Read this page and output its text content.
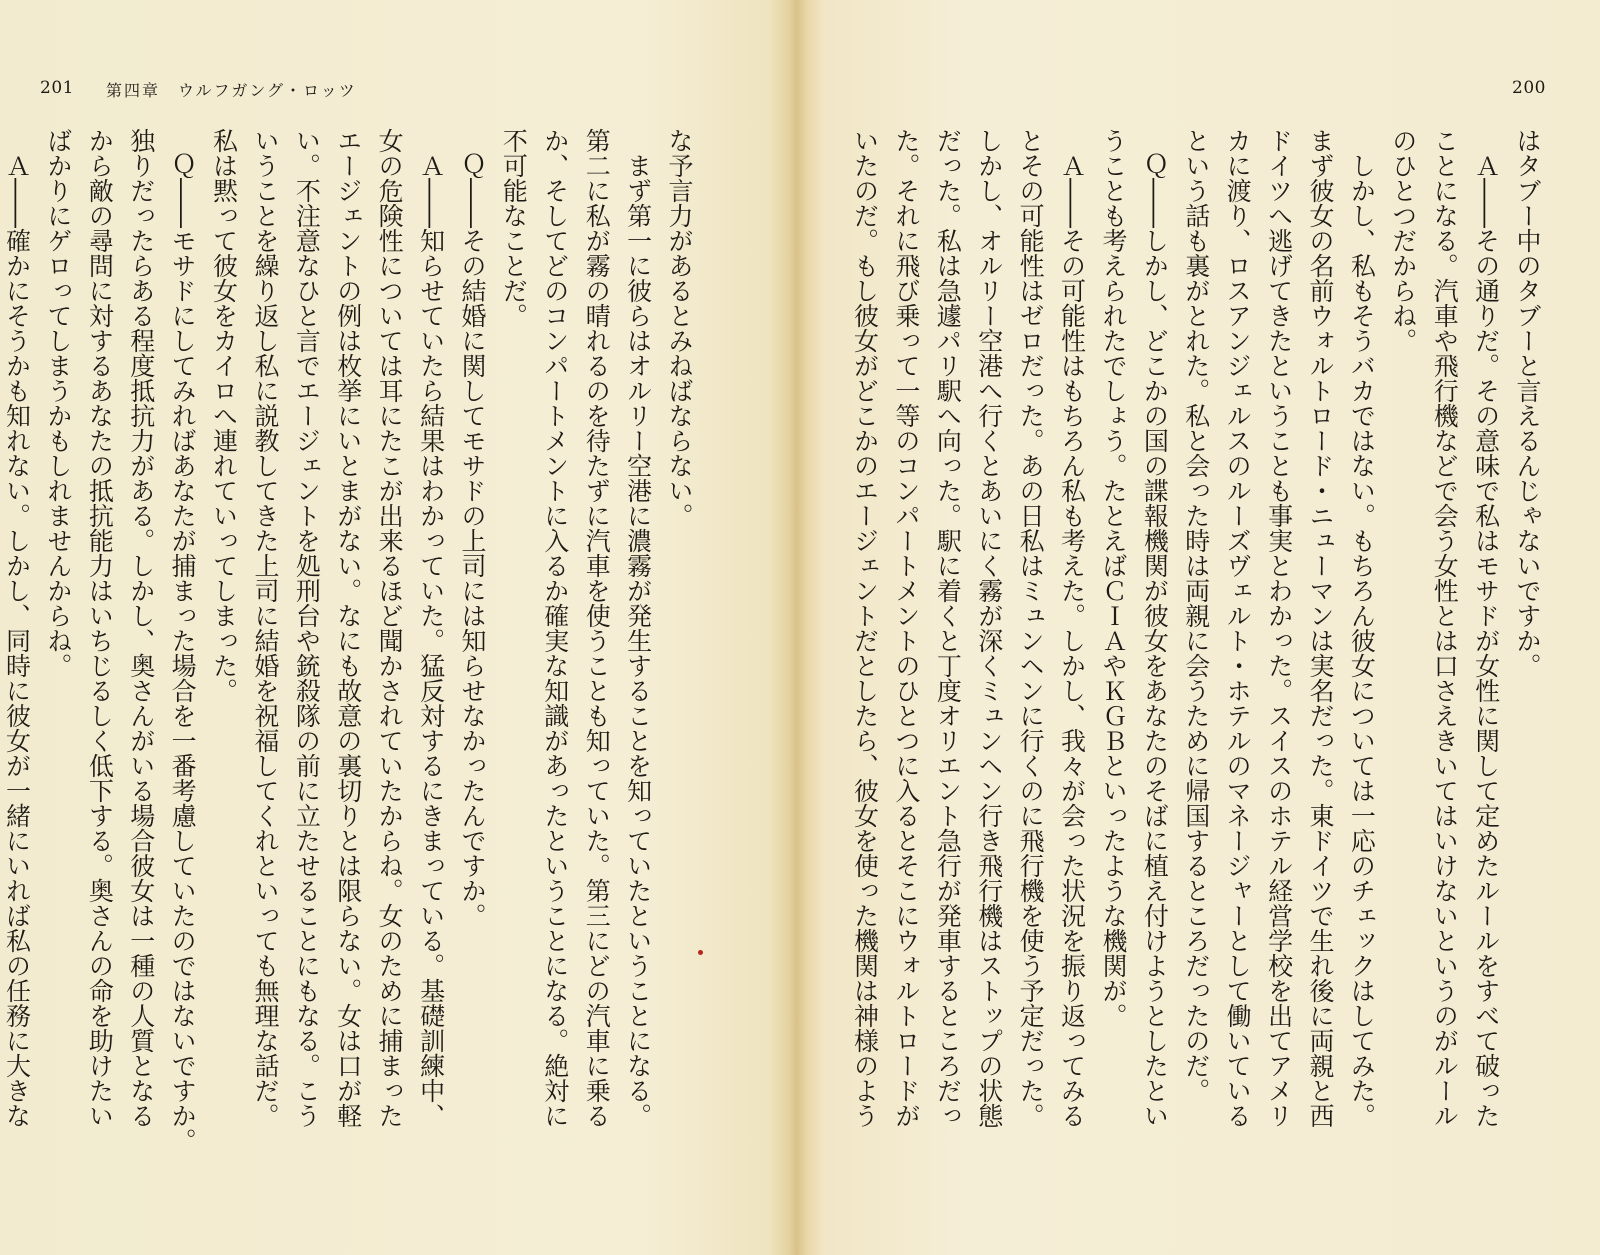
201 第四章　ウルフガング・ロッツ
な予言力があるとみねばならない。
　まず第一に彼らはオルリー空港に濃霧が発生することを知っていたということになる。
第二に私が霧の晴れるのを待たずに汽車を使うことも知っていた。第三にどの汽車に乗る
か、そしてどのコンパートメントに入るか確実な知識があったということになる。絶対に
不可能なことだ。
　Ｑ――その結婚に関してモサドの上司には知らせなかったんですか。
　Ａ――知らせていたら結果はわかっていた。猛反対するにきまっている。基礎訓練中、
女の危険性については耳にたこが出来るほど聞かされていたからね。女のために捕まった
エージェントの例は枚挙にいとまがない。なにも故意の裏切りとは限らない。女は口が軽
い。不注意なひと言でエージェントを処刑台や銃殺隊の前に立たせることにもなる。こう
いうことを繰り返し私に説教してきた上司に結婚を祝福してくれといっても無理な話だ。
私は黙って彼女をカイロへ連れていってしまった。
　Ｑ――モサドにしてみればあなたが捕まった場合を一番考慮していたのではないですか。
独りだったらある程度抵抗力がある。しかし、奥さんがいる場合彼女は一種の人質となる
から敵の尋問に対するあなたの抵抗能力はいちじるしく低下する。奥さんの命を助けたい
ばかりにゲロってしまうかもしれませんからね。
　Ａ――確かにそうかも知れない。しかし、同時に彼女が一緒にいれば私の任務に大きな
200
はタブー中のタブーと言えるんじゃないですか。
　Ａ――その通りだ。その意味で私はモサドが女性に関して定めたルールをすべて破った
ことになる。汽車や飛行機などで会う女性とは口さえきいてはいけないというのがルール
のひとつだからね。
　しかし、私もそうバカではない。もちろん彼女については一応のチェックはしてみた。
まず彼女の名前ウォルトロード・ニューマンは実名だった。東ドイツで生れ後に両親と西
ドイツへ逃げてきたということも事実とわかった。スイスのホテル経営学校を出てアメリ
カに渡り、ロスアンジェルスのルーズヴェルト・ホテルのマネージャーとして働いている
という話も裏がとれた。私と会った時は両親に会うために帰国するところだったのだ。
　Ｑ――しかし、どこかの国の諜報機関が彼女をあなたのそばに植え付けようとしたとい
うことも考えられたでしょう。たとえばＣＩＡやＫＧＢといったような機関が。
　Ａ――その可能性はもちろん私も考えた。しかし、我々が会った状況を振り返ってみる
とその可能性はゼロだった。あの日私はミュンヘンに行くのに飛行機を使う予定だった。
しかし、オルリー空港へ行くとあいにく霧が深くミュンヘン行き飛行機はストップの状態
だった。私は急遽パリ駅へ向った。駅に着くと丁度オリエント急行が発車するところだっ
た。それに飛び乗って一等のコンパートメントのひとつに入るとそこにウォルトロードが
いたのだ。もし彼女がどこかのエージェントだとしたら、彼女を使った機関は神様のよう
